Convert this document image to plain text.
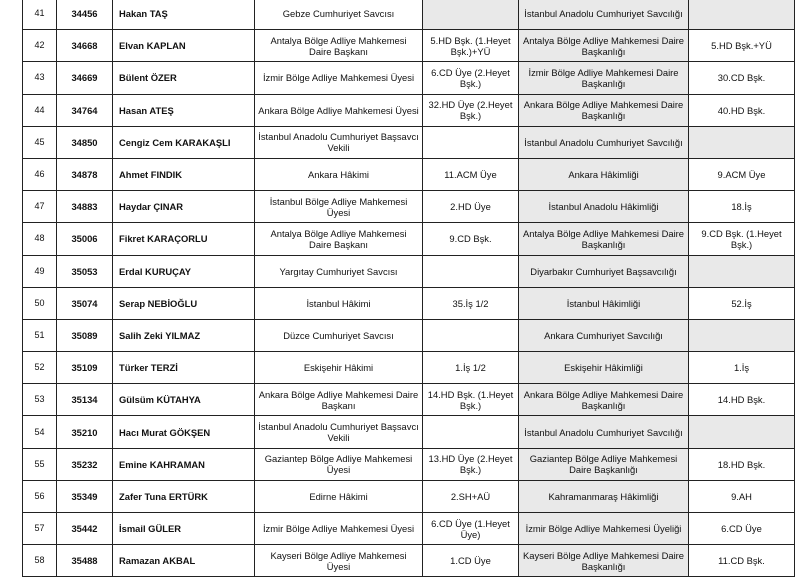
41	34456	Hakan TAŞ	Gebze Cumhuriyet Savcısı		İstanbul Anadolu Cumhuriyet Savcılığı	
42	34668	Elvan KAPLAN	Antalya Bölge Adliye Mahkemesi Daire Başkanı	5.HD Bşk. (1.Heyet Bşk.)+YÜ	Antalya Bölge Adliye Mahkemesi Daire Başkanlığı	5.HD Bşk.+YÜ
43	34669	Bülent ÖZER	İzmir Bölge Adliye Mahkemesi Üyesi	6.CD Üye (2.Heyet Bşk.)	İzmir Bölge Adliye Mahkemesi Daire Başkanlığı	30.CD Bşk.
44	34764	Hasan ATEŞ	Ankara Bölge Adliye Mahkemesi Üyesi	32.HD Üye (2.Heyet Bşk.)	Ankara Bölge Adliye Mahkemesi Daire Başkanlığı	40.HD Bşk.
45	34850	Cengiz Cem KARAKAŞLI	İstanbul Anadolu Cumhuriyet Başsavcı Vekili		İstanbul Anadolu Cumhuriyet Savcılığı	
46	34878	Ahmet FINDIK	Ankara Hâkimi	11.ACM Üye	Ankara Hâkimliği	9.ACM Üye
47	34883	Haydar ÇINAR	İstanbul Bölge Adliye Mahkemesi Üyesi	2.HD Üye	İstanbul Anadolu Hâkimliği	18.İş
48	35006	Fikret KARAÇORLU	Antalya Bölge Adliye Mahkemesi Daire Başkanı	9.CD Bşk.	Antalya Bölge Adliye Mahkemesi Daire Başkanlığı	9.CD Bşk. (1.Heyet Bşk.)
49	35053	Erdal KURUÇAY	Yargıtay Cumhuriyet Savcısı		Diyarbakır Cumhuriyet Başsavcılığı	
50	35074	Serap NEBİOĞLU	İstanbul Hâkimi	35.İş 1/2	İstanbul Hâkimliği	52.İş
51	35089	Salih Zeki YILMAZ	Düzce Cumhuriyet Savcısı		Ankara Cumhuriyet Savcılığı	
52	35109	Türker TERZİ	Eskişehir Hâkimi	1.İş 1/2	Eskişehir Hâkimliği	1.İş
53	35134	Gülsüm KÜTAHYA	Ankara Bölge Adliye Mahkemesi Daire Başkanı	14.HD Bşk. (1.Heyet Bşk.)	Ankara Bölge Adliye Mahkemesi Daire Başkanlığı	14.HD Bşk.
54	35210	Hacı Murat GÖKŞEN	İstanbul Anadolu Cumhuriyet Başsavcı Vekili		İstanbul Anadolu Cumhuriyet Savcılığı	
55	35232	Emine KAHRAMAN	Gaziantep Bölge Adliye Mahkemesi Üyesi	13.HD Üye (2.Heyet Bşk.)	Gaziantep Bölge Adliye Mahkemesi Daire Başkanlığı	18.HD Bşk.
56	35349	Zafer Tuna ERTÜRK	Edirne Hâkimi	2.SH+AÜ	Kahramanmaraş Hâkimliği	9.AH
57	35442	İsmail GÜLER	İzmir Bölge Adliye Mahkemesi Üyesi	6.CD Üye (1.Heyet Üye)	İzmir Bölge Adliye Mahkemesi Üyeliği	6.CD Üye
58	35488	Ramazan AKBAL	Kayseri Bölge Adliye Mahkemesi Üyesi	1.CD Üye	Kayseri Bölge Adliye Mahkemesi Daire Başkanlığı	11.CD Bşk.
